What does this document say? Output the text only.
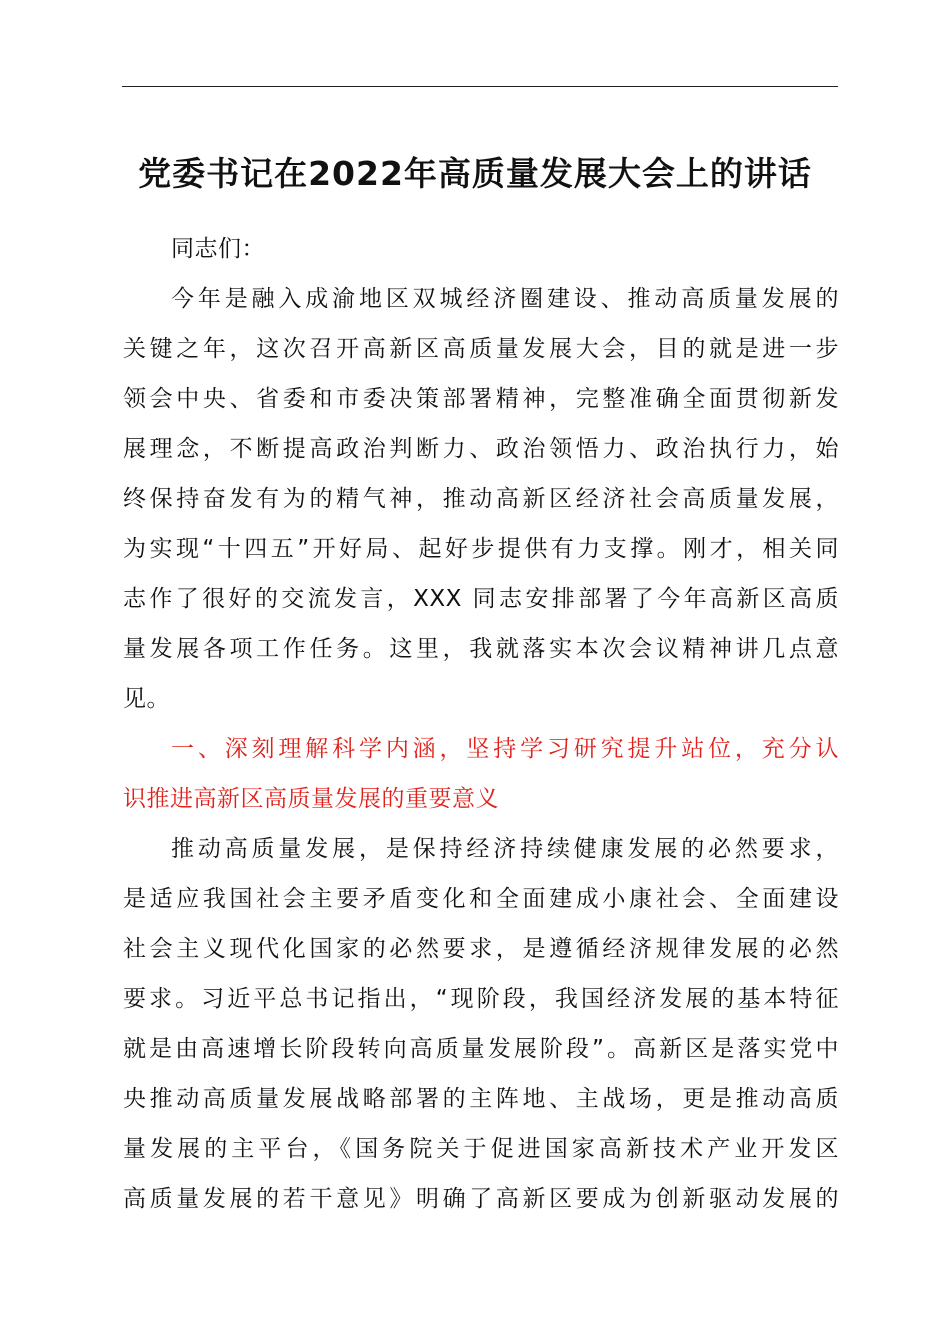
党委书记在2022年高质量发展大会上的讲话

同志们：

今年是融入成渝地区双城经济圈建设、推动高质量发展的
关键之年，这次召开高新区高质量发展大会，目的就是进一步
领会中央、省委和市委决策部署精神，完整准确全面贯彻新发
展理念，不断提高政治判断力、政治领悟力、政治执行力，始
终保持奋发有为的精气神，推动高新区经济社会高质量发展，
为实现“十四五”开好局、起好步提供有力支撑。刚才，相关同
志作了很好的交流发言，XXX 同志安排部署了今年高新区高质
量发展各项工作任务。这里，我就落实本次会议精神讲几点意
见。

一、深刻理解科学内涵，坚持学习研究提升站位，充分认
识推进高新区高质量发展的重要意义

推动高质量发展，是保持经济持续健康发展的必然要求，
是适应我国社会主要矛盾变化和全面建成小康社会、全面建设
社会主义现代化国家的必然要求，是遵循经济规律发展的必然
要求。习近平总书记指出，“现阶段，我国经济发展的基本特征
就是由高速增长阶段转向高质量发展阶段”。高新区是落实党中
央推动高质量发展战略部署的主阵地、主战场，更是推动高质
量发展的主平台，《国务院关于促进国家高新技术产业开发区
高质量发展的若干意见》明确了高新区要成为创新驱动发展的
